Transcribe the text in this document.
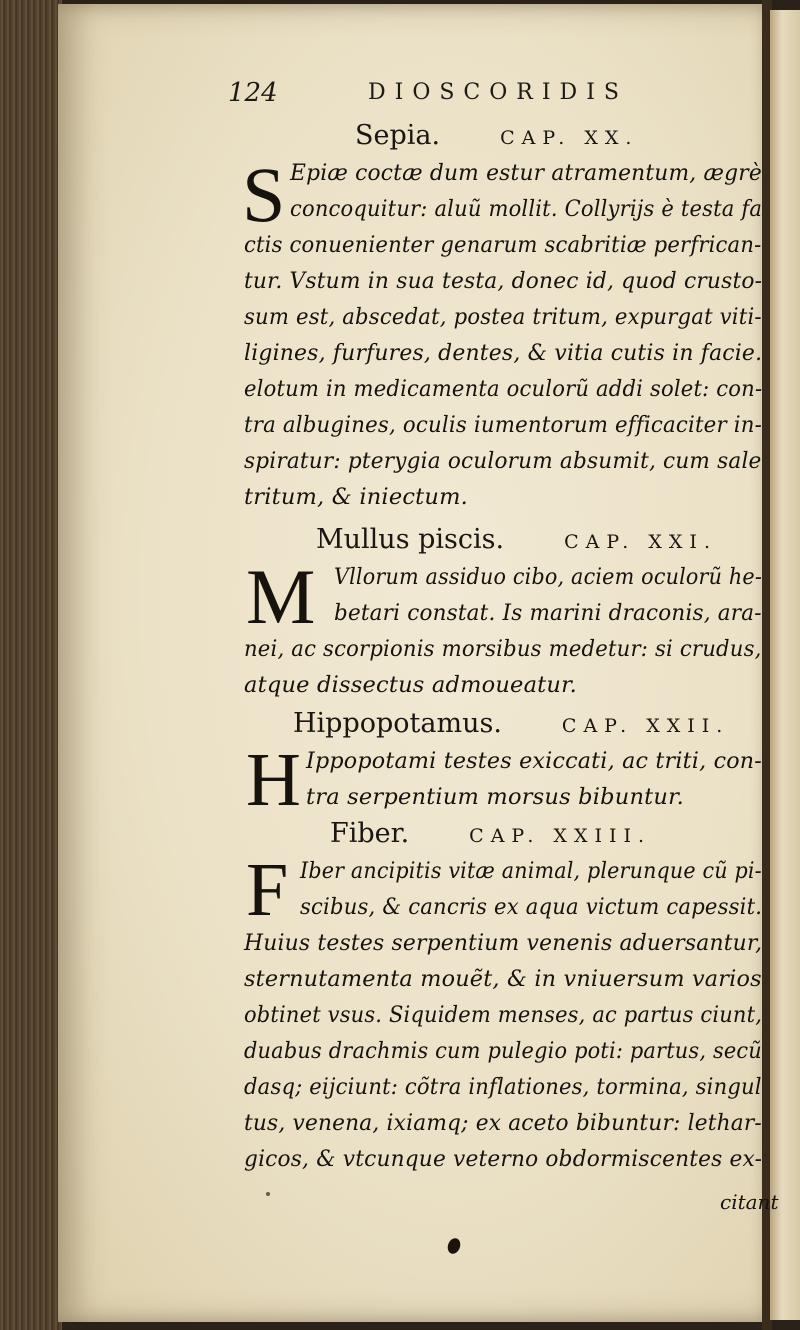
124	DIOSCORIDIS
Sepia.	CAP. XX.
S Epiæ coctæ dum estur atramentum, ægrè
concoquitur: aluũ mollit. Collyrijs è testa fa
ctis conuenienter genarum scabritiæ perfrican-
tur. Vstum in sua testa, donec id, quod crusto-
sum est, abscedat, postea tritum, expurgat viti-
ligines, furfures, dentes, & vitia cutis in facie.
elotum in medicamenta oculorũ addi solet: con-
tra albugines, oculis iumentorum efficaciter in-
spiratur: pterygia oculorum absumit, cum sale
tritum, & iniectum.
Mullus piscis.	CAP. XXI.
M Vllorum assiduo cibo, aciem oculorũ he-
betari constat. Is marini draconis, ara-
nei, ac scorpionis morsibus medetur: si crudus,
atque dissectus admoueatur.
Hippopotamus.	CAP. XXII.
H Ippopotami testes exiccati, ac triti, con-
tra serpentium morsus bibuntur.
Fiber.	CAP. XXIII.
F Iber ancipitis vitæ animal, plerunque cũ pi-
scibus, & cancris ex aqua victum capessit.
Huius testes serpentium venenis aduersantur,
sternutamenta mouẽt, & in vniuersum varios
obtinet vsus. Siquidem menses, ac partus ciunt,
duabus drachmis cum pulegio poti: partus, secũ
dasq; eijciunt: cõtra inflationes, tormina, singul
tus, venena, ixiamq; ex aceto bibuntur: lethar-
gicos, & vtcunque veterno obdormiscentes ex-
citant
